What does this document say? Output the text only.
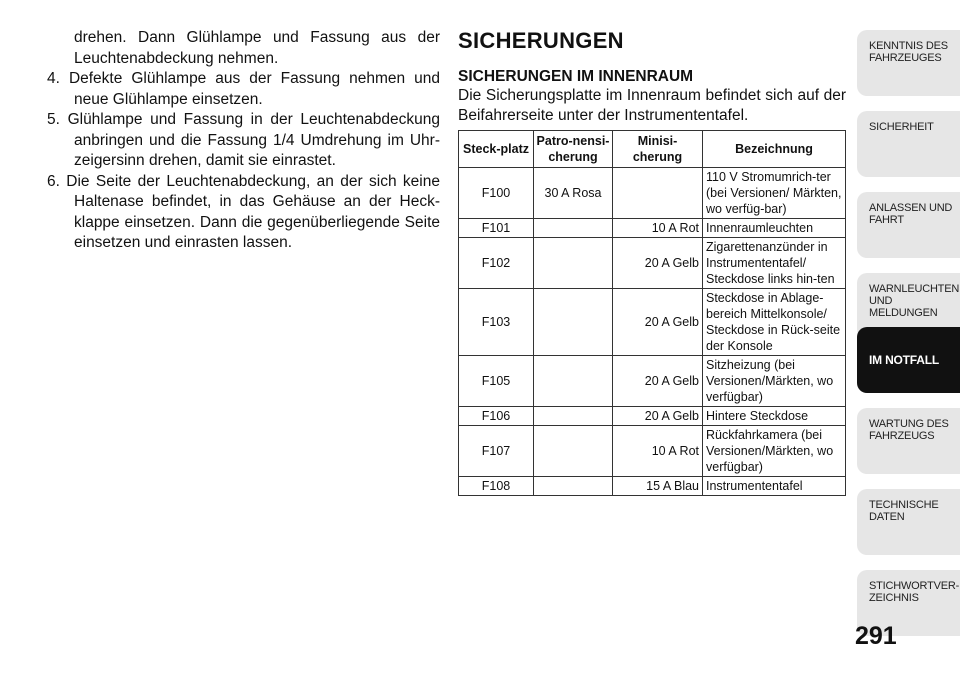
drehen. Dann Glühlampe und Fassung aus der Leuchtenabdeckung nehmen.

4. Defekte Glühlampe aus der Fassung nehmen und neue Glühlampe einsetzen.

5. Glühlampe und Fassung in der Leuchtenabdeckung anbringen und die Fassung 1/4 Umdrehung im Uhr-zeigersinn drehen, damit sie einrastet.

6. Die Seite der Leuchtenabdeckung, an der sich keine Haltenase befindet, in das Gehäuse an der Heck-klappe einsetzen. Dann die gegenüberliegende Seite einsetzen und einrasten lassen.

SICHERUNGEN
SICHERUNGEN IM INNENRAUM

Die Sicherungsplatte im Innenraum befindet sich auf der Beifahrerseite unter der Instrumententafel.

Steck-platz	Patro-nensi-cherung	Minisi-cherung	Bezeichnung
F100	30 A Rosa		110 V Stromumrich-ter (bei Versionen/ Märkten, wo verfüg-bar)
F101		10 A Rot	Innenraumleuchten
F102		20 A Gelb	Zigarettenanzünder in Instrumententafel/ Steckdose links hin-ten
F103		20 A Gelb	Steckdose in Ablage-bereich Mittelkonsole/ Steckdose in Rück-seite der Konsole
F105		20 A Gelb	Sitzheizung (bei Versionen/Märkten, wo verfügbar)
F106		20 A Gelb	Hintere Steckdose
F107		10 A Rot	Rückfahrkamera (bei Versionen/Märkten, wo verfügbar)
F108		15 A Blau	Instrumententafel
KENNTNIS DES FAHRZEUGES
SICHERHEIT
ANLASSEN UND FAHRT
WARNLEUCHTEN UND MELDUNGEN
IM NOTFALL
WARTUNG DES FAHRZEUGS
TECHNISCHE DATEN
STICHWORTVER-ZEICHNIS
291
